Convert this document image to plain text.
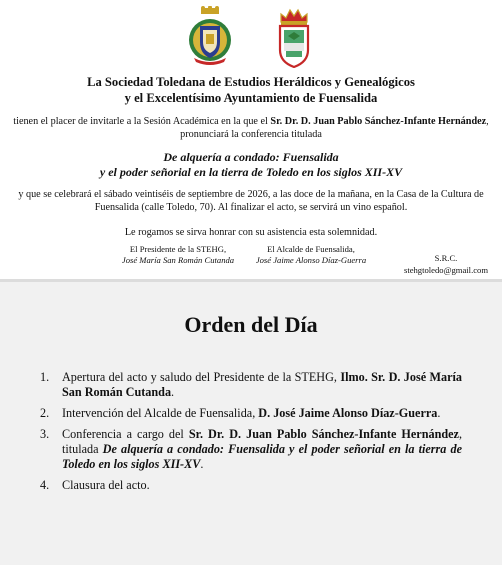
La Sociedad Toledana de Estudios Heráldicos y Genealógicos
y el Excelentísimo Ayuntamiento de Fuensalida
tienen el placer de invitarle a la Sesión Académica en la que el Sr. Dr. D. Juan Pablo Sánchez-Infante Hernández, pronunciará la conferencia titulada
De alquería a condado: Fuensalida
y el poder señorial en la tierra de Toledo en los siglos XII-XV
y que se celebrará el sábado veintiséis de septiembre de 2026, a las doce de la mañana, en la Casa de la Cultura de Fuensalida (calle Toledo, 70). Al finalizar el acto, se servirá un vino español.
Le rogamos se sirva honrar con su asistencia esta solemnidad.
El Presidente de la STEHG,
José María San Román Cutanda
El Alcalde de Fuensalida,
José Jaime Alonso Díaz-Guerra	S.R.C.
stehgtoledo@gmail.com
Orden del Día
1. Apertura del acto y saludo del Presidente de la STEHG, Ilmo. Sr. D. José María San Román Cutanda.
2. Intervención del Alcalde de Fuensalida, D. José Jaime Alonso Díaz-Guerra.
3. Conferencia a cargo del Sr. Dr. D. Juan Pablo Sánchez-Infante Hernández, titulada De alquería a condado: Fuensalida y el poder señorial en la tierra de Toledo en los siglos XII-XV.
4. Clausura del acto.
